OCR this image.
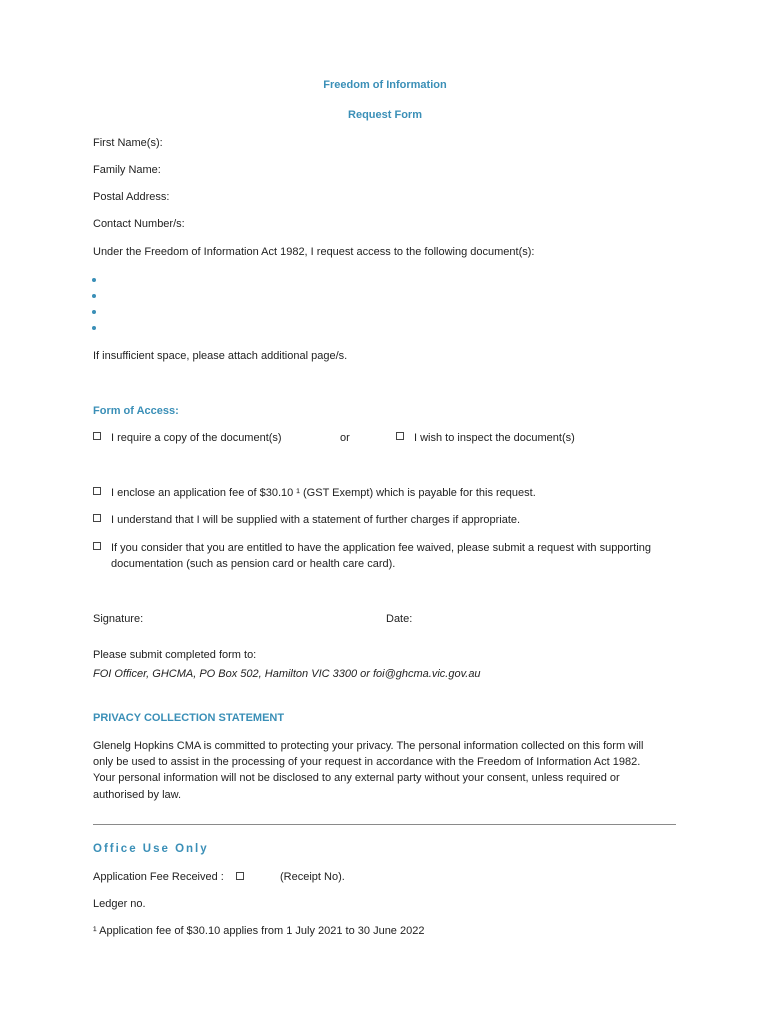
Freedom of Information
Request Form
First Name(s):
Family Name:
Postal Address:
Contact Number/s:
Under the Freedom of Information Act 1982, I request access to the following document(s):
If insufficient space, please attach additional page/s.
Form of Access:
I require a copy of the document(s)	or	I wish to inspect the document(s)
I enclose an application fee of $30.10 ¹ (GST Exempt) which is payable for this request.
I understand that I will be supplied with a statement of further charges if appropriate.
If you consider that you are entitled to have the application fee waived, please submit a request with supporting
documentation (such as pension card or health care card).
Signature:	Date:
Please submit completed form to:
FOI Officer, GHCMA, PO Box 502, Hamilton VIC 3300 or foi@ghcma.vic.gov.au
PRIVACY COLLECTION STATEMENT
Glenelg Hopkins CMA is committed to protecting your privacy. The personal information collected on this form will
only be used to assist in the processing of your request in accordance with the Freedom of Information Act 1982.
Your personal information will not be disclosed to any external party without your consent, unless required or
authorised by law.
Office Use Only
Application Fee Received :	(Receipt No).
Ledger no.
¹ Application fee of $30.10 applies from 1 July 2021 to 30 June 2022
